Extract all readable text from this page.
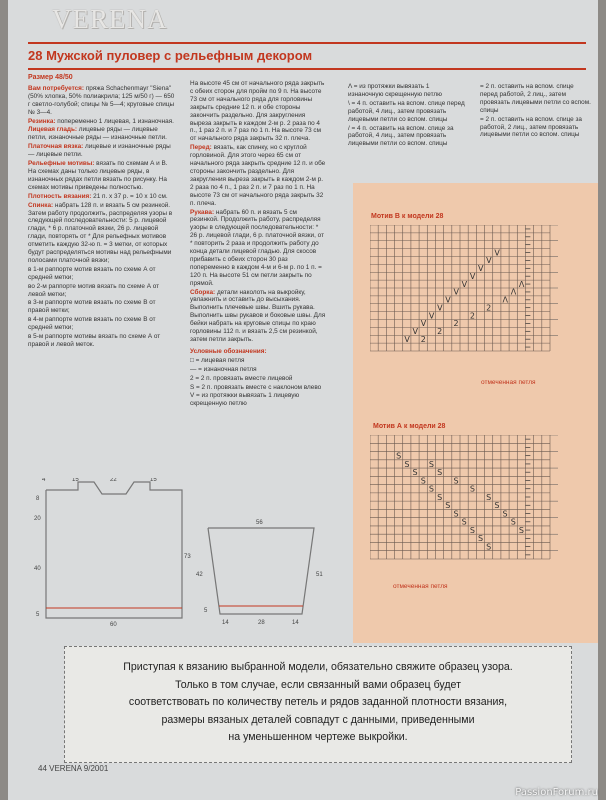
VERENA
28 Мужской пуловер с рельефным декором
Размер 48/50

Вам потребуется: пряжа Schachenmayr "Siena" (50% хлопка, 50% полиакрила; 125 м/50 г) — 650 г светло-голубой; спицы № 5—4; круговые спицы № 3—4.

Резинка: попеременно 1 лицевая, 1 изнаночная.

Лицевая гладь: лицевые ряды — лицевые петли, изнаночные ряды — изнаночные петли.

Платочная вязка: лицевые и изнаночные ряды — лицевые петли.

Рельефные мотивы: вязать по схемам А и В. На схемах даны только лицевые ряды, в изнаночных рядах петли вязать по рисунку. На схемах мотивы приведены полностью.

Плотность вязания: 21 п. х 37 р. = 10 х 10 см.

Спинка: набрать 128 п. и вязать 5 см резинкой. Затем работу продолжить, распределяя узоры в следующей последовательности: 5 р. лицевой глади, * 6 р. платочной вязки, 26 р. лицевой глади, повторять от * Для рельефных мотивов отметить каждую 32-ю п. = 3 метки, от которых будут распределяться мотивы над рельефными полосами платочной вязки;

в 1-м раппорте мотив вязать по схеме А от средней метки;

во 2-м раппорте мотив вязать по схеме А от левой метки;

в 3-м раппорте мотив вязать по схеме В от правой метки;

в 4-м раппорте мотив вязать по схеме В от средней метки;

в 5-м раппорте мотивы вязать по схеме А от правой и левой меток.

На высоте 45 см от начального ряда закрыть с обеих сторон для пройм по 9 п. На высоте 73 см от начального ряда для горловины закрыть средние 12 п. и обе стороны закончить раздельно. Для закругления выреза закрыть в каждом 2-м р. 2 раза по 4 п., 1 раз 2 п. и 7 раз по 1 п. На высоте 73 см от начального ряда закрыть 32 п. плеча.

Перед: вязать, как спинку, но с круглой горловиной. Для этого через 65 см от начального ряда закрыть средние 12 п. и обе стороны закончить раздельно. Для закругления выреза закрыть в каждом 2-м р. 2 раза по 4 п., 1 раз 2 п. и 7 раз по 1 п. На высоте 73 см от начального ряда закрыть 32 п. плеча.

Рукава: набрать 60 п. и вязать 5 см резинкой. Продолжить работу, распределяя узоры в следующей последовательности: * 26 р. лицевой глади, 6 р. платочной вязки, от * повторить 2 раза и продолжить работу до конца детали лицевой гладью. Для скосов прибавить с обеих сторон 30 раз попеременно в каждом 4-м и 6-м р. по 1 п. = 120 п. На высоте 51 см петли закрыть по прямой.

Сборка: детали наколоть на выкройку, увлажнить и оставить до высыхания. Выполнить плечевые швы. Вшить рукава. Выполнить швы рукавов и боковые швы. Для бейки набрать на круговые спицы по краю горловины 112 п. и вязать 2,5 см резинкой, затем петли закрыть.

Условные обозначения:

□ = лицевая петля

— = изнаночная петля

2 = 2 п. провязать вместе лицевой

S = 2 п. провязать вместе с наклоном влево

V = из протяжки вывязать 1 лицевую скрещенную петлю

Λ = из протяжки вывязать 1 изнаночную скрещенную петлю

\ = 4 п. оставить на вспом. спице перед работой, 4 лиц., затем провязать лицевыми петли со вспом. спицы

/ = 4 п. оставить на вспом. спице за работой, 4 лиц., затем провязать лицевыми петли со вспом. спицы

= 2 п. оставить на вспом. спице перед работой, 2 лиц., затем провязать лицевыми петли со вспом. спицы

= 2 п. оставить на вспом. спице за работой, 2 лиц., затем провязать лицевыми петли со вспом. спицы

Мотив В к модели 28
V
V
V
V
V
V
V
V
V
V
V
V
2
2
2
2
2
Λ
Λ
Λ
отмеченная петля
Мотив А к модели 28
S
S
S
S
S
S
S
S
S
S
S
S
S
S
S
S
S
S
S
S
S
отмеченная петля
4	15	22	15
8
20
40
73
5
60
56
42	51
5
14	28	14
Приступая к вязанию выбранной модели, обязательно свяжите образец узора.
Только в том случае, если связанный вами образец будет
соответствовать по количеству петель и рядов заданной плотности вязания,
размеры вязаных деталей совпадут с данными, приведенными
на уменьшенном чертеже выкройки.
44 VERENA 9/2001
PassionForum.ru
